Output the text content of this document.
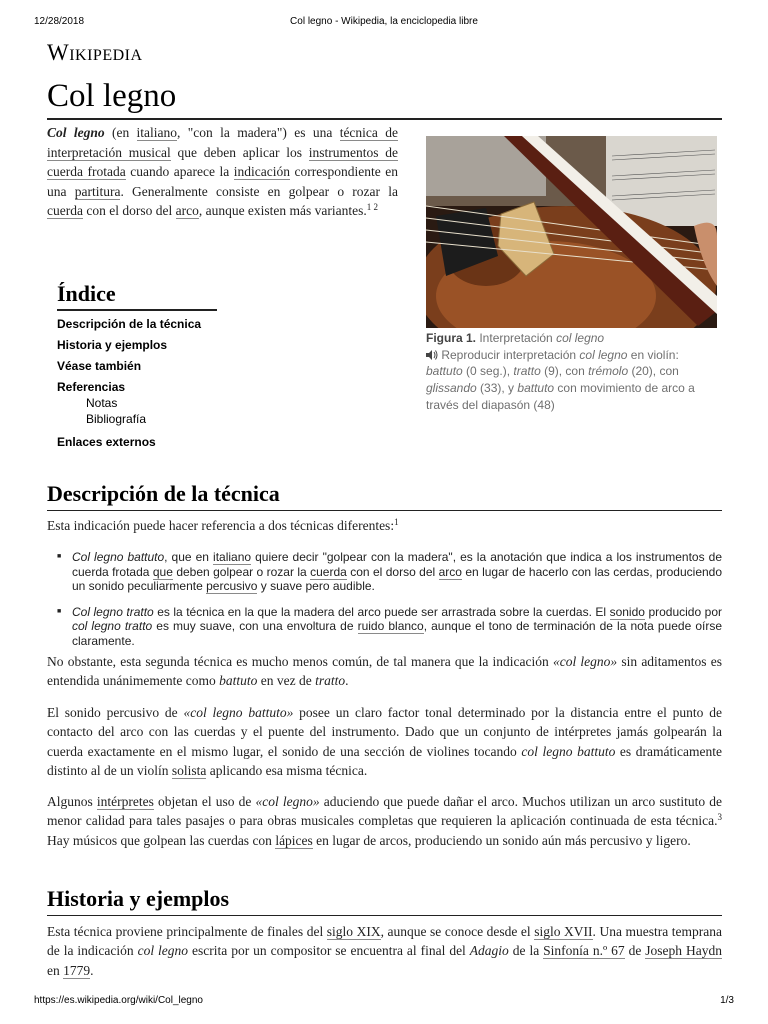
12/28/2018	Col legno - Wikipedia, la enciclopedia libre
Wikipedia
Col legno

Col legno (en italiano, "con la madera") es una técnica de interpretación musical que deben aplicar los instrumentos de cuerda frotada cuando aparece la indicación correspondiente en una partitura. Generalmente consiste en golpear o rozar la cuerda con el dorso del arco, aunque existen más variantes.$^{1 2}$

Figura 1. Interpretación col legno
Reproducir interpretación col legno en violín: battuto (0 seg.), tratto (9), con trémolo (20), con glissando (33), y battuto con movimiento de arco a través del diapasón (48)
Índice
Descripción de la técnica
Historia y ejemplos
Véase también
Referencias
Notas
Bibliografía
Enlaces externos
Descripción de la técnica

Esta indicación puede hacer referencia a dos técnicas diferentes:$^1$

■ Col legno battuto, que en italiano quiere decir "golpear con la madera", es la anotación que indica a los instrumentos de cuerda frotada que deben golpear o rozar la cuerda con el dorso del arco en lugar de hacerlo con las cerdas, produciendo un sonido peculiarmente percusivo y suave pero audible.
■ Col legno tratto es la técnica en la que la madera del arco puede ser arrastrada sobre la cuerdas. El sonido producido por col legno tratto es muy suave, con una envoltura de ruido blanco, aunque el tono de terminación de la nota puede oírse claramente.

No obstante, esta segunda técnica es mucho menos común, de tal manera que la indicación «col legno» sin aditamentos es entendida unánimemente como battuto en vez de tratto.

El sonido percusivo de «col legno battuto» posee un claro factor tonal determinado por la distancia entre el punto de contacto del arco con las cuerdas y el puente del instrumento. Dado que un conjunto de intérpretes jamás golpearán la cuerda exactamente en el mismo lugar, el sonido de una sección de violines tocando col legno battuto es dramáticamente distinto al de un violín solista aplicando esa misma técnica.

Algunos intérpretes objetan el uso de «col legno» aduciendo que puede dañar el arco. Muchos utilizan un arco sustituto de menor calidad para tales pasajes o para obras musicales completas que requieren la aplicación continuada de esta técnica.$^3$ Hay músicos que golpean las cuerdas con lápices en lugar de arcos, produciendo un sonido aún más percusivo y ligero.

Historia y ejemplos

Esta técnica proviene principalmente de finales del siglo XIX, aunque se conoce desde el siglo XVII. Una muestra temprana de la indicación col legno escrita por un compositor se encuentra al final del Adagio de la Sinfonía n.º 67 de Joseph Haydn en 1779.

https://es.wikipedia.org/wiki/Col_legno	1/3
